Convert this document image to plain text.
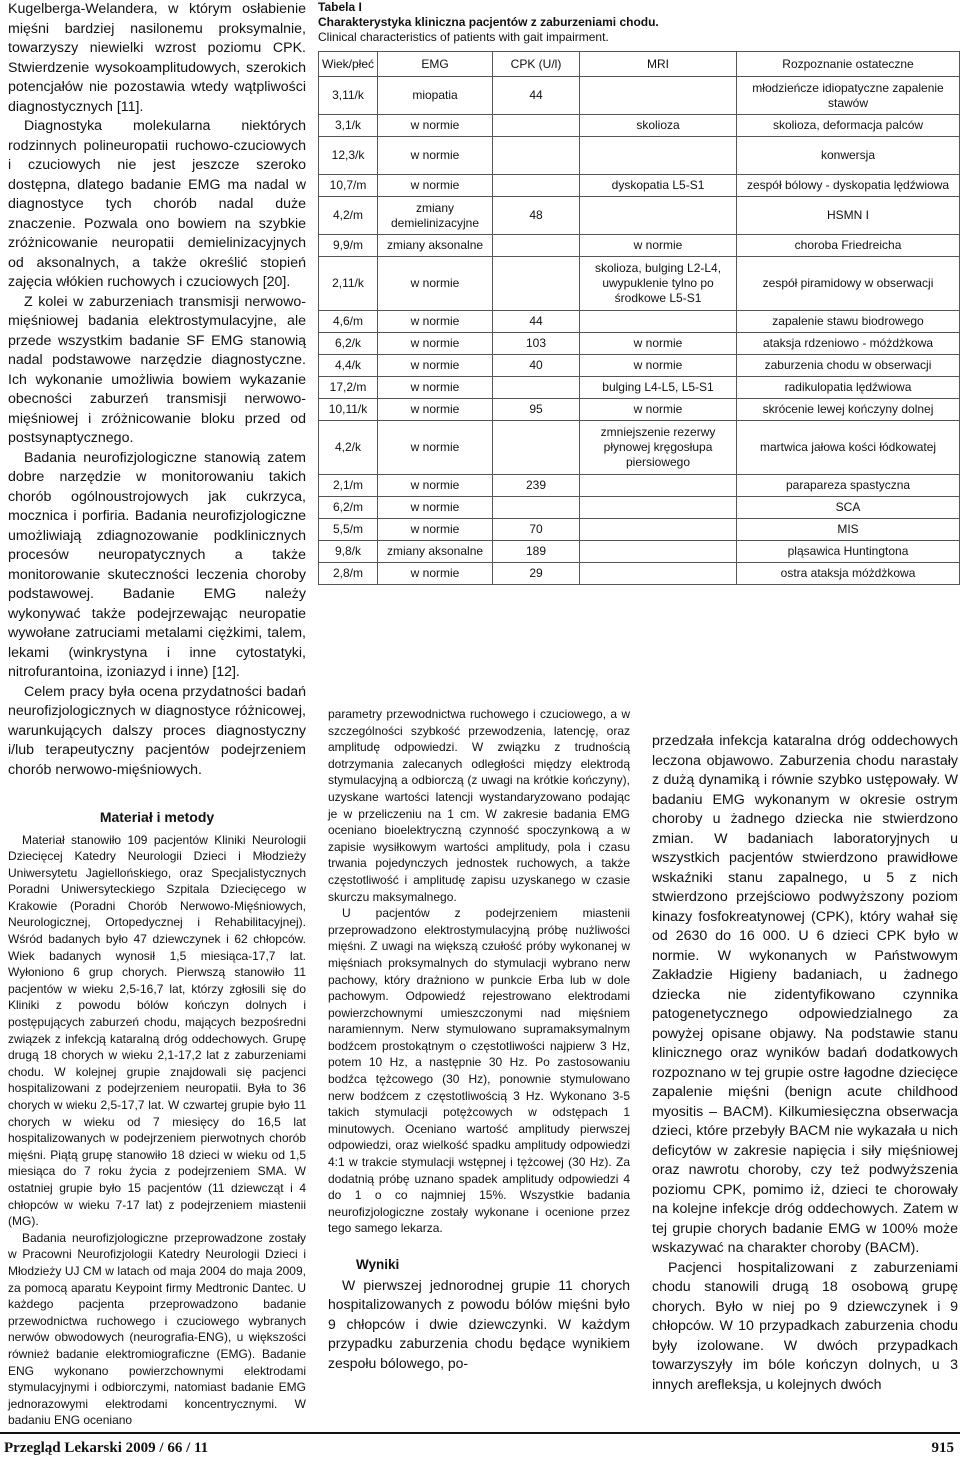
Kugelberga-Welandera, w którym osłabienie mięśni bardziej nasilonemu proksymalnie, towarzyszy niewielki wzrost poziomu CPK. Stwierdzenie wysokoamplitudowych, szerokich potencjałów nie pozostawia wtedy wątpliwości diagnostycznych [11].

Diagnostyka molekularna niektórych rodzinnych polineuropatii ruchowo-czuciowych i czuciowych nie jest jeszcze szeroko dostępna, dlatego badanie EMG ma nadal w diagnostyce tych chorób nadal duże znaczenie. Pozwala ono bowiem na szybkie zróżnicowanie neuropatii demielinizacyjnych od aksonalnych, a także określić stopień zajęcia włókien ruchowych i czuciowych [20].

Z kolei w zaburzeniach transmisji nerwowo-mięśniowej badania elektrostymulacyjne, ale przede wszystkim badanie SF EMG stanowią nadal podstawowe narzędzie diagnostyczne. Ich wykonanie umożliwia bowiem wykazanie obecności zaburzeń transmisji nerwowo-mięśniowej i zróżnicowanie bloku przed od postsynaptycznego.

Badania neurofizjologiczne stanowią zatem dobre narzędzie w monitorowaniu takich chorób ogólnoustrojowych jak cukrzyca, mocznica i porfiria. Badania neurofizjologiczne umożliwiają zdiagnozowanie podklinicznych procesów neuropatycznych a także monitorowanie skuteczności leczenia choroby podstawowej. Badanie EMG należy wykonywać także podejrzewając neuropatie wywołane zatruciami metalami ciężkimi, talem, lekami (winkrystyna i inne cytostatyki, nitrofurantoina, izoniazyd i inne) [12].

Celem pracy była ocena przydatności badań neurofizjologicznych w diagnostyce różnicowej, warunkujących dalszy proces diagnostyczny i/lub terapeutyczny pacjentów podejrzeniem chorób nerwowo-mięśniowych.

Materiał i metody

Materiał stanowiło 109 pacjentów Kliniki Neurologii Dziecięcej Katedry Neurologii Dzieci i Młodzieży Uniwersytetu Jagiellońskiego, oraz Specjalistycznych Poradni Uniwersyteckiego Szpitala Dziecięcego w Krakowie (Poradni Chorób Nerwowo-Mięśniowych, Neurologicznej, Ortopedycznej i Rehabilitacyjnej). Wśród badanych było 47 dziewczynek i 62 chłopców. Wiek badanych wynosił 1,5 miesiąca-17,7 lat. Wyłoniono 6 grup chorych. Pierwszą stanowiło 11 pacjentów w wieku 2,5-16,7 lat, którzy zgłosili się do Kliniki z powodu bólów kończyn dolnych i postępujących zaburzeń chodu, mających bezpośredni związek z infekcją kataralną dróg oddechowych. Grupę drugą 18 chorych w wieku 2,1-17,2 lat z zaburzeniami chodu. W kolejnej grupie znajdowali się pacjenci hospitalizowani z podejrzeniem neuropatii. Była to 36 chorych w wieku 2,5-17,7 lat. W czwartej grupie było 11 chorych w wieku od 7 miesięcy do 16,5 lat hospitalizowanych w podejrzeniem pierwotnych chorób mięśni. Piątą grupę stanowiło 18 dzieci w wieku od 1,5 miesiąca do 7 roku życia z podejrzeniem SMA. W ostatniej grupie było 15 pacjentów (11 dziewcząt i 4 chłopców w wieku 7-17 lat) z podejrzeniem miastenii (MG).

Badania neurofizjologiczne przeprowadzone zostały w Pracowni Neurofizjologii Katedry Neurologii Dzieci i Młodzieży UJ CM w latach od maja 2004 do maja 2009, za pomocą aparatu Keypoint firmy Medtronic Dantec. U każdego pacjenta przeprowadzono badanie przewodnictwa ruchowego i czuciowego wybranych nerwów obwodowych (neurografia-ENG), u większości również badanie elektromiograficzne (EMG). Badanie ENG wykonano powierzchownymi elektrodami stymulacyjnymi i odbiorczymi, natomiast badanie EMG jednorazowymi elektrodami koncentrycznymi. W badaniu ENG oceniano

Tabela I
Charakterystyka kliniczna pacjentów z zaburzeniami chodu.
Clinical characteristics of patients with gait impairment.
Wiek/płeć	EMG	CPK (U/l)	MRI	Rozpoznanie ostateczne
3,11/k	miopatia	44		młodzieńcze idiopatyczne zapalenie stawów
3,1/k	w normie		skolioza	skolioza, deformacja palców
12,3/k	w normie			konwersja
10,7/m	w normie		dyskopatia L5-S1	zespół bólowy - dyskopatia lędźwiowa
4,2/m	zmiany demielinizacyjne	48		HSMN I
9,9/m	zmiany aksonalne		w normie	choroba Friedreicha
2,11/k	w normie		skolioza, bulging L2-L4, uwypuklenie tylno po środkowe L5-S1	zespół piramidowy w obserwacji
4,6/m	w normie	44		zapalenie stawu biodrowego
6,2/k	w normie	103	w normie	ataksja rdzeniowo - móżdżkowa
4,4/k	w normie	40	w normie	zaburzenia chodu w obserwacji
17,2/m	w normie		bulging L4-L5, L5-S1	radikulopatia lędźwiowa
10,11/k	w normie	95	w normie	skrócenie lewej kończyny dolnej
4,2/k	w normie		zmniejszenie rezerwy płynowej kręgosłupa piersiowego	martwica jałowa kości łódkowatej
2,1/m	w normie	239		parapareza spastyczna
6,2/m	w normie			SCA
5,5/m	w normie	70		MIS
9,8/k	zmiany aksonalne	189		pląsawica Huntingtona
2,8/m	w normie	29		ostra ataksja móżdżkowa

parametry przewodnictwa ruchowego i czuciowego, a w szczególności szybkość przewodzenia, latencję, oraz amplitudę odpowiedzi. W związku z trudnością dotrzymania zalecanych odległości między elektrodą stymulacyjną a odbiorczą (z uwagi na krótkie kończyny), uzyskane wartości latencji wystandaryzowano podając je w przeliczeniu na 1 cm. W zakresie badania EMG oceniano bioelektryczną czynność spoczynkową a w zapisie wysiłkowym wartości amplitudy, pola i czasu trwania pojedynczych jednostek ruchowych, a także częstotliwość i amplitudę zapisu uzyskanego w czasie skurczu maksymalnego.

U pacjentów z podejrzeniem miastenii przeprowadzono elektrostymulacyjną próbę nużliwości mięśni. Z uwagi na większą czułość próby wykonanej w mięśniach proksymalnych do stymulacji wybrano nerw pachowy, który drażniono w punkcie Erba lub w dole pachowym. Odpowiedź rejestrowano elektrodami powierzchownymi umieszczonymi nad mięśniem naramiennym. Nerw stymulowano supramaksymalnym bodźcem prostokątnym o częstotliwości najpierw 3 Hz, potem 10 Hz, a następnie 30 Hz. Po zastosowaniu bodźca tężcowego (30 Hz), ponownie stymulowano nerw bodźcem z częstotliwością 3 Hz. Wykonano 3-5 takich stymulacji potężcowych w odstępach 1 minutowych. Oceniano wartość amplitudy pierwszej odpowiedzi, oraz wielkość spadku amplitudy odpowiedzi 4:1 w trakcie stymulacji wstępnej i tężcowej (30 Hz). Za dodatnią próbę uznano spadek amplitudy odpowiedzi 4 do 1 o co najmniej 15%. Wszystkie badania neurofizjologiczne zostały wykonane i ocenione przez tego samego lekarza.

Wyniki

W pierwszej jednorodnej grupie 11 chorych hospitalizowanych z powodu bólów mięśni było 9 chłopców i dwie dziewczynki. W każdym przypadku zaburzenia chodu będące wynikiem zespołu bólowego, po-

przedzała infekcja kataralna dróg oddechowych leczona objawowo. Zaburzenia chodu narastały z dużą dynamiką i równie szybko ustępowały. W badaniu EMG wykonanym w okresie ostrym choroby u żadnego dziecka nie stwierdzono zmian. W badaniach laboratoryjnych u wszystkich pacjentów stwierdzono prawidłowe wskaźniki stanu zapalnego, u 5 z nich stwierdzono przejściowo podwyższony poziom kinazy fosfokreatynowej (CPK), który wahał się od 2630 do 16 000. U 6 dzieci CPK było w normie. W wykonanych w Państwowym Zakładzie Higieny badaniach, u żadnego dziecka nie zidentyfikowano czynnika patogenetycznego odpowiedzialnego za powyżej opisane objawy. Na podstawie stanu klinicznego oraz wyników badań dodatkowych rozpoznano w tej grupie ostre łagodne dziecięce zapalenie mięśni (benign acute childhood myositis – BACM). Kilkumiesięczna obserwacja dzieci, które przebyły BACM nie wykazała u nich deficytów w zakresie napięcia i siły mięśniowej oraz nawrotu choroby, czy też podwyższenia poziomu CPK, pomimo iż, dzieci te chorowały na kolejne infekcje dróg oddechowych. Zatem w tej grupie chorych badanie EMG w 100% może wskazywać na charakter choroby (BACM).

Pacjenci hospitalizowani z zaburzeniami chodu stanowili drugą 18 osobową grupę chorych. Było w niej po 9 dziewczynek i 9 chłopców. W 10 przypadkach zaburzenia chodu były izolowane. W dwóch przypadkach towarzyszyły im bóle kończyn dolnych, u 3 innych arefleksja, u kolejnych dwóch

Przegląd Lekarski 2009 / 66 / 11	915
